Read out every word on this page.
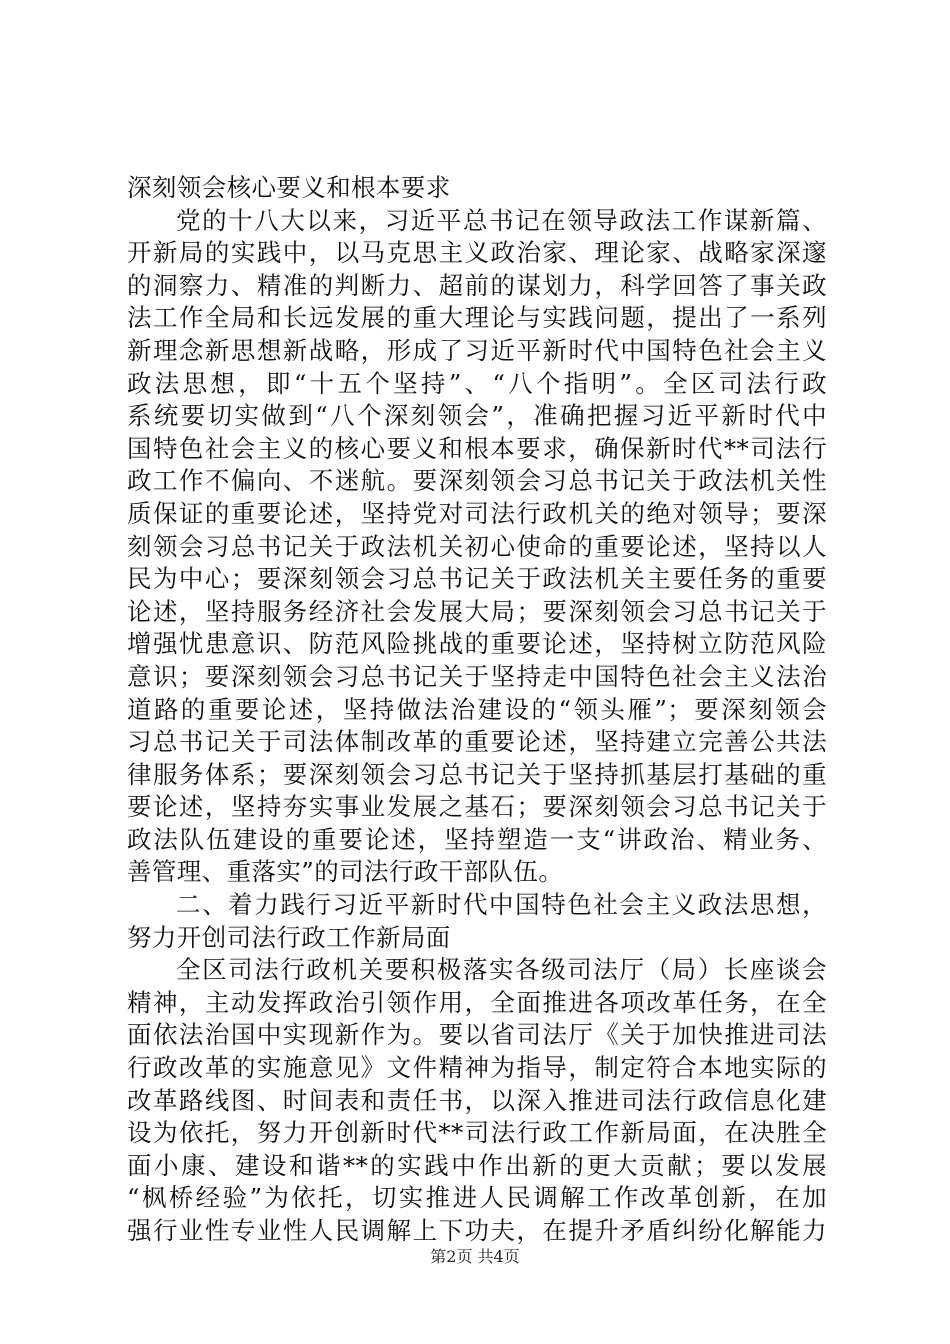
深刻领会核心要义和根本要求
党的十八大以来，习近平总书记在领导政法工作谋新篇、
开新局的实践中，以马克思主义政治家、理论家、战略家深邃
的洞察力、精准的判断力、超前的谋划力，科学回答了事关政
法工作全局和长远发展的重大理论与实践问题，提出了一系列
新理念新思想新战略，形成了习近平新时代中国特色社会主义
政法思想，即“十五个坚持”、“八个指明”。全区司法行政
系统要切实做到“八个深刻领会”，准确把握习近平新时代中
国特色社会主义的核心要义和根本要求，确保新时代**司法行
政工作不偏向、不迷航。要深刻领会习总书记关于政法机关性
质保证的重要论述，坚持党对司法行政机关的绝对领导；要深
刻领会习总书记关于政法机关初心使命的重要论述，坚持以人
民为中心；要深刻领会习总书记关于政法机关主要任务的重要
论述，坚持服务经济社会发展大局；要深刻领会习总书记关于
增强忧患意识、防范风险挑战的重要论述，坚持树立防范风险
意识；要深刻领会习总书记关于坚持走中国特色社会主义法治
道路的重要论述，坚持做法治建设的“领头雁”；要深刻领会
习总书记关于司法体制改革的重要论述，坚持建立完善公共法
律服务体系；要深刻领会习总书记关于坚持抓基层打基础的重
要论述，坚持夯实事业发展之基石；要深刻领会习总书记关于
政法队伍建设的重要论述，坚持塑造一支“讲政治、精业务、
善管理、重落实”的司法行政干部队伍。
二、着力践行习近平新时代中国特色社会主义政法思想，
努力开创司法行政工作新局面
全区司法行政机关要积极落实各级司法厅（局）长座谈会
精神，主动发挥政治引领作用，全面推进各项改革任务，在全
面依法治国中实现新作为。要以省司法厅《关于加快推进司法
行政改革的实施意见》文件精神为指导，制定符合本地实际的
改革路线图、时间表和责任书，以深入推进司法行政信息化建
设为依托，努力开创新时代**司法行政工作新局面，在决胜全
面小康、建设和谐**的实践中作出新的更大贡献；要以发展
“枫桥经验”为依托，切实推进人民调解工作改革创新，在加
强行业性专业性人民调解上下功夫，在提升矛盾纠纷化解能力
第2页 共4页
